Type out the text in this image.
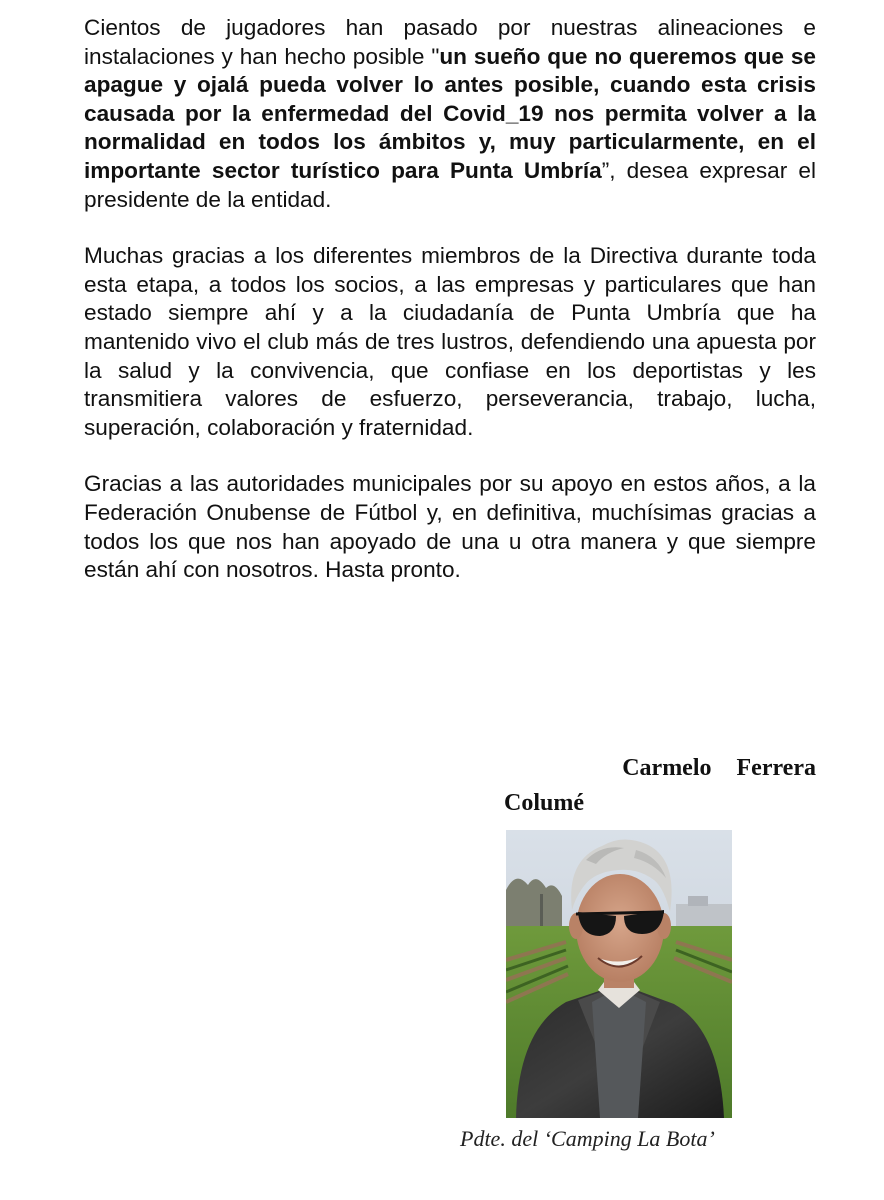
Cientos de jugadores han pasado por nuestras alineaciones e instalaciones y han hecho posible "un sueño que no queremos que se apague y ojalá pueda volver lo antes posible, cuando esta crisis causada por la enfermedad del Covid_19 nos permita volver a la normalidad en todos los ámbitos y, muy particularmente, en el importante sector turístico para Punta Umbría”, desea expresar el presidente de la entidad.

Muchas gracias a los diferentes miembros de la Directiva durante toda esta etapa, a todos los socios, a las empresas y particulares que han estado siempre ahí y a la ciudadanía de Punta Umbría que ha mantenido vivo el club más de tres lustros, defendiendo una apuesta por la salud y la convivencia, que confiase en los deportistas y les transmitiera valores de esfuerzo, perseverancia, trabajo, lucha, superación, colaboración y fraternidad.

Gracias a las autoridades municipales por su apoyo en estos años, a la Federación Onubense de Fútbol y, en definitiva, muchísimas gracias a todos los que nos han apoyado de una u otra manera y que siempre están ahí con nosotros. Hasta pronto.

Carmelo Ferrera
Columé
Pdte. del ‘Camping La Bota’
